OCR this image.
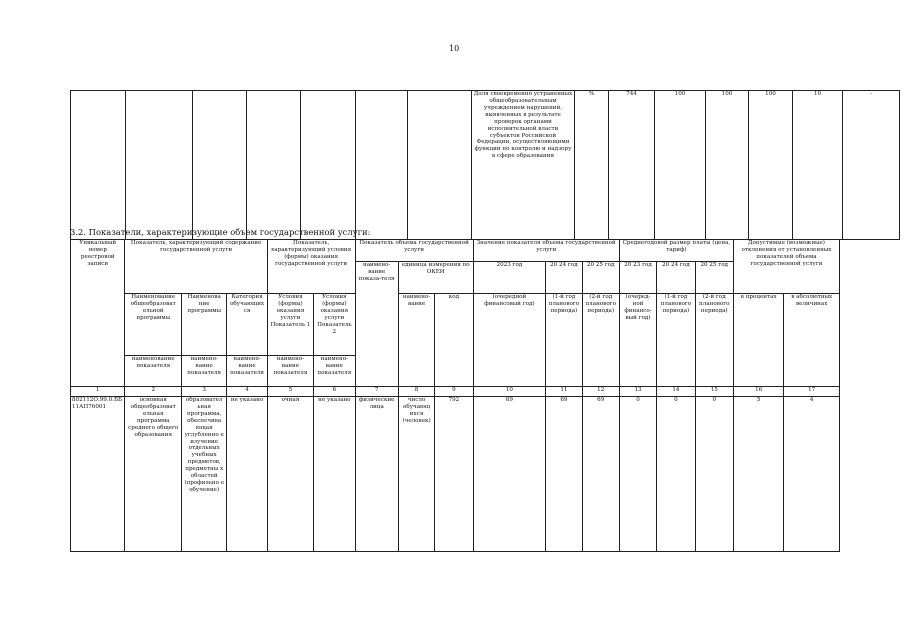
10
							Доля своевременно устраненных общеобразовательным учреждением нарушений, выявленных в результате проверок органами исполнительной власти субъектов Российской Федерации, осуществляющими функции по контролю и надзору в сфере образования	%	744	100	100	100	10	-
3.2. Показатели, характеризующие объем государственной услуги:
Уникальный номер реестровой записи	Показатель, характеризующий содержание государственной услуги			Показатель, характеризующий условия (формы) оказания государственной услуги		Показатель объема государственной услуги			Значение показателя объема государственной услуги			Среднегодовой размер платы (цена, тариф)			Допустимые (возможные) отклонения от установленных показателей объема государственной услуги	
						наимено-вание показа-теля	единица измерения по ОКЕИ		2023 год	20 24 год	20 25 год	20 23 год	20 24 год	20 25 год		
	Наименование общеобразоват ельной программы	Наименова ние программы	Категория обучающих ся	Условия (формы) оказания услуги Показатель 1	Условия (формы) оказания услуги Показатель 2		наимено-вание	код	(очередной финансовый год)	(1-й год планового периода)	(2-й год планового периода)	(очеред-ной финансо-вый год)	(1-й год планового периода)	(2-й год планового периода)	в процентах	в абсолютных величинах
	наименование показателя	наимено-вание показателя	наимено-вание показателя	наимено-вание показателя	наимено-вание показателя											
1	2	3	4	5	6	7	8	9	10	11	12	13	14	15	16	17
802112О.99.0.ББ11АП76001	основная общеобразоват ельная программа среднего общего образования	образовател ьная программа, обеспечива ющая углубленно е изучение отдельных учебных предметов, предметны х областей (профильно е обучение)	не указано	очная	не указано	физические лица	число обучающ ихся (человек)	792	69	69	69	0	0	0	5	4
